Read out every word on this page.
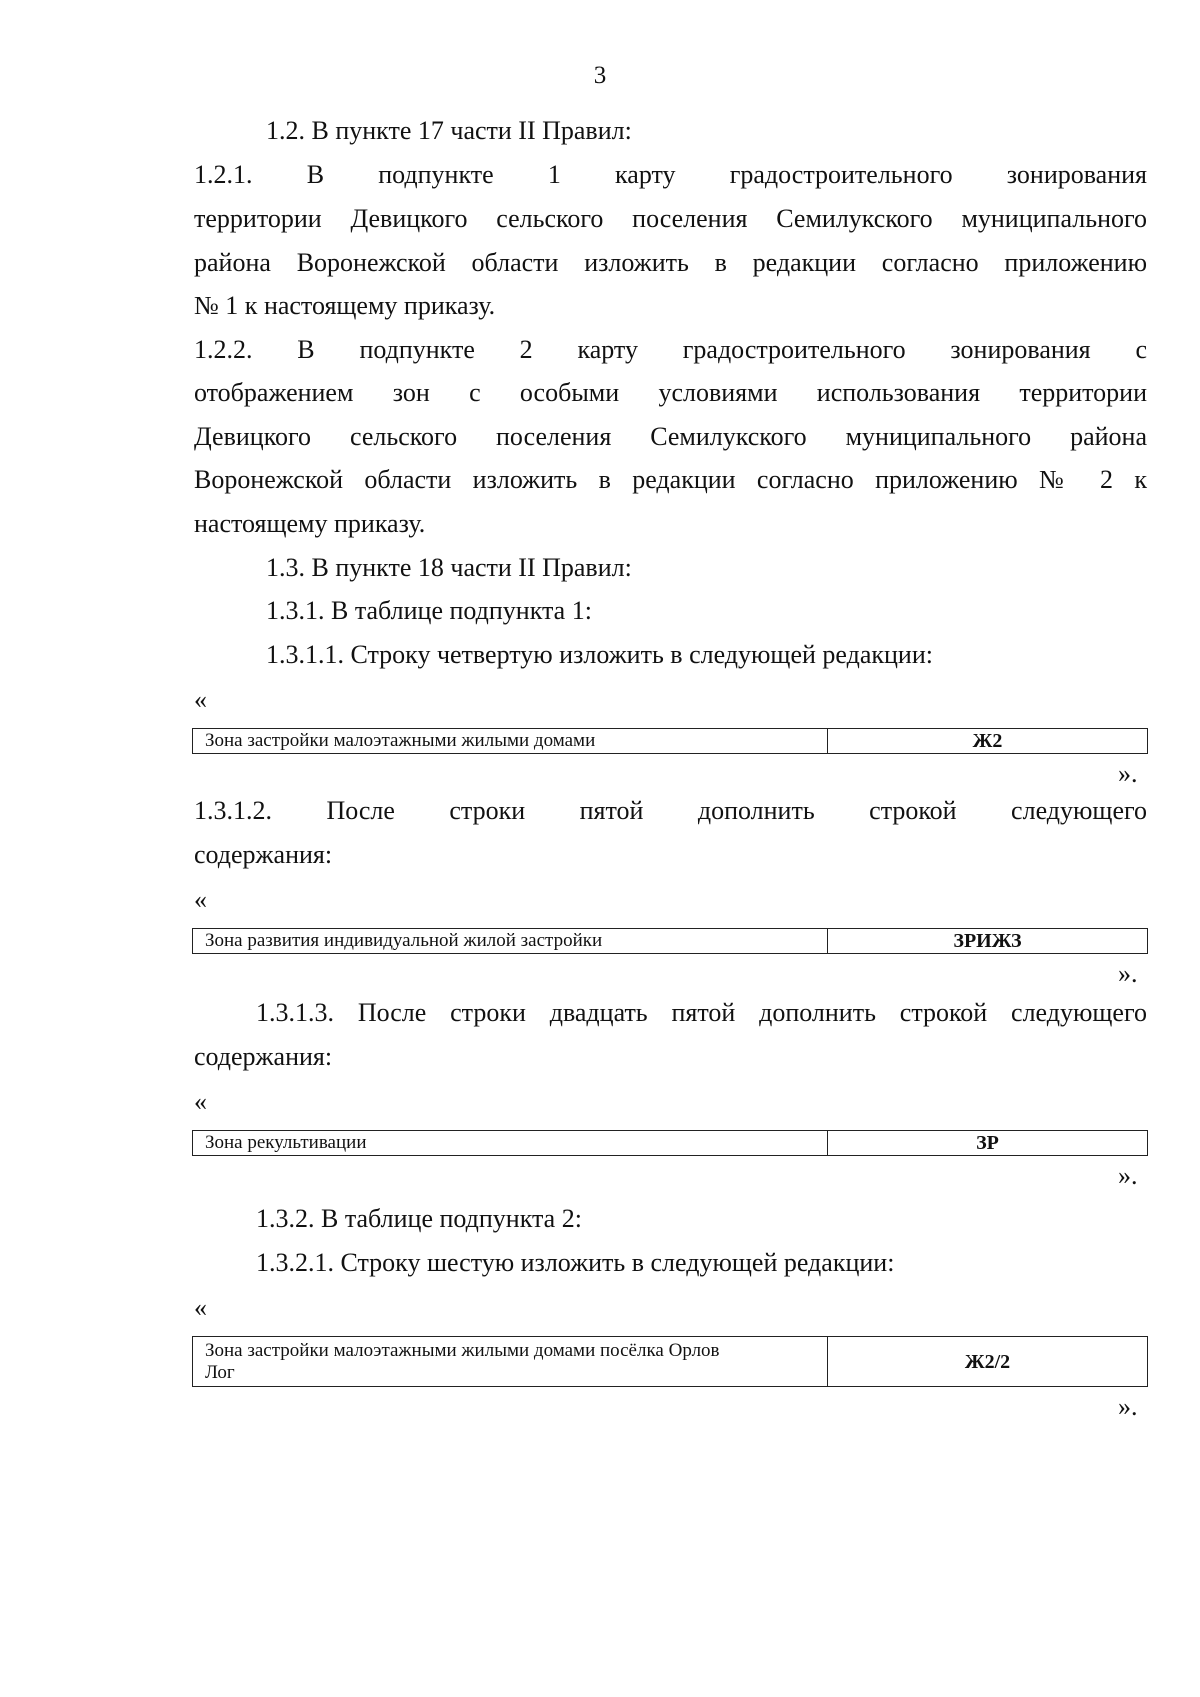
3
1.2. В пункте 17 части II Правил:
1.2.1. В подпункте 1 карту градостроительного зонирования
территории Девицкого сельского поселения Семилукского муниципального
района Воронежской области изложить в редакции согласно приложению
№ 1 к настоящему приказу.
1.2.2. В подпункте 2 карту градостроительного зонирования с
отображением зон с особыми условиями использования территории
Девицкого сельского поселения Семилукского муниципального района
Воронежской области изложить в редакции согласно приложению № 2 к
настоящему приказу.
1.3. В пункте 18 части II Правил:
1.3.1. В таблице подпункта 1:
1.3.1.1. Строку четвертую изложить в следующей редакции:
«
Зона застройки малоэтажными жилыми домами	Ж2
».
1.3.1.2. После строки пятой дополнить строкой следующего
содержания:
«
Зона развития индивидуальной жилой застройки	ЗРИЖЗ
».
1.3.1.3. После строки двадцать пятой дополнить строкой следующего
содержания:
«
Зона рекультивации	ЗР
».
1.3.2. В таблице подпункта 2:
1.3.2.1. Строку шестую изложить в следующей редакции:
«
Зона застройки малоэтажными жилыми домами посёлка Орлов
Лог	Ж2/2
».
